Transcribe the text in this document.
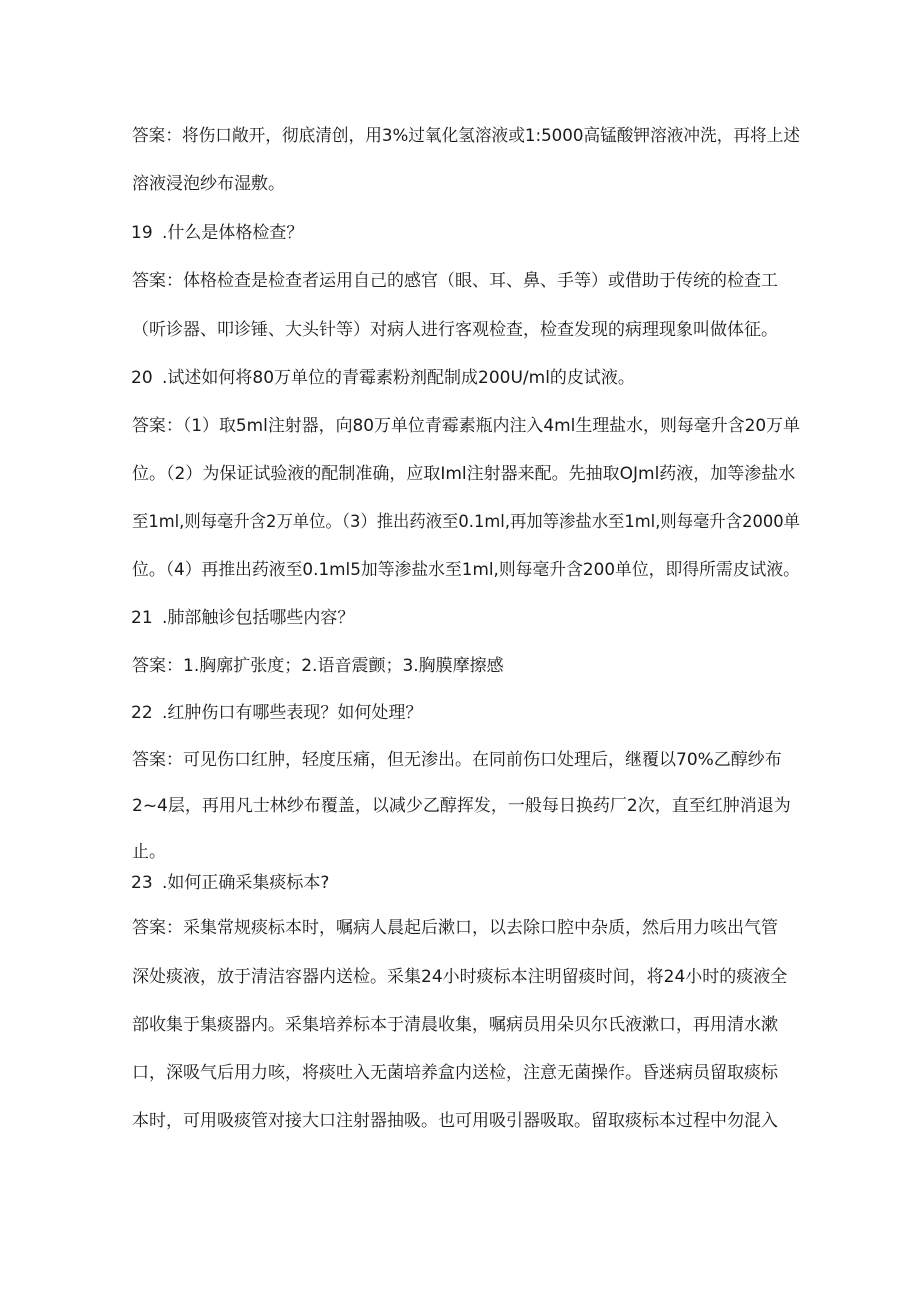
答案：将伤口敞开，彻底清创，用3%过氧化氢溶液或1:5000高锰酸钾溶液冲洗，再将上述

溶液浸泡纱布湿敷。

19 .什么是体格检查？

答案：体格检查是检查者运用自己的感官（眼、耳、鼻、手等）或借助于传统的检查工

（听诊器、叩诊锤、大头针等）对病人进行客观检查，检查发现的病理现象叫做体征。

20 .试述如何将80万单位的青霉素粉剂配制成200U∕ml的皮试液。

答案：（1）取5ml注射器，向80万单位青霉素瓶内注入4ml生理盐水，则每毫升含20万单

位。（2）为保证试验液的配制准确，应取Iml注射器来配。先抽取OJml药液，加等渗盐水

至1ml,则每毫升含2万单位。（3）推出药液至0.1ml,再加等渗盐水至1ml,则每毫升含2000单

位。（4）再推出药液至0.1ml5加等渗盐水至1ml,则每毫升含200单位，即得所需皮试液。

21 .肺部触诊包括哪些内容？

答案：1.胸廓扩张度；2.语音震颤；3.胸膜摩擦感

22 .红肿伤口有哪些表现？如何处理？

答案：可见伤口红肿，轻度压痛，但无渗出。在同前伤口处理后，继覆以70%乙醇纱布

2~4层，再用凡士林纱布覆盖，以减少乙醇挥发，一般每日换药厂2次，直至红肿消退为

止。

23 .如何正确采集痰标本?

答案：采集常规痰标本时，嘱病人晨起后漱口，以去除口腔中杂质，然后用力咳出气管

深处痰液，放于清洁容器内送检。采集24小时痰标本注明留痰时间，将24小时的痰液全

部收集于集痰器内。采集培养标本于清晨收集，嘱病员用朵贝尔氏液漱口，再用清水漱

口，深吸气后用力咳，将痰吐入无菌培养盒内送检，注意无菌操作。昏迷病员留取痰标

本时，可用吸痰管对接大口注射器抽吸。也可用吸引器吸取。留取痰标本过程中勿混入
